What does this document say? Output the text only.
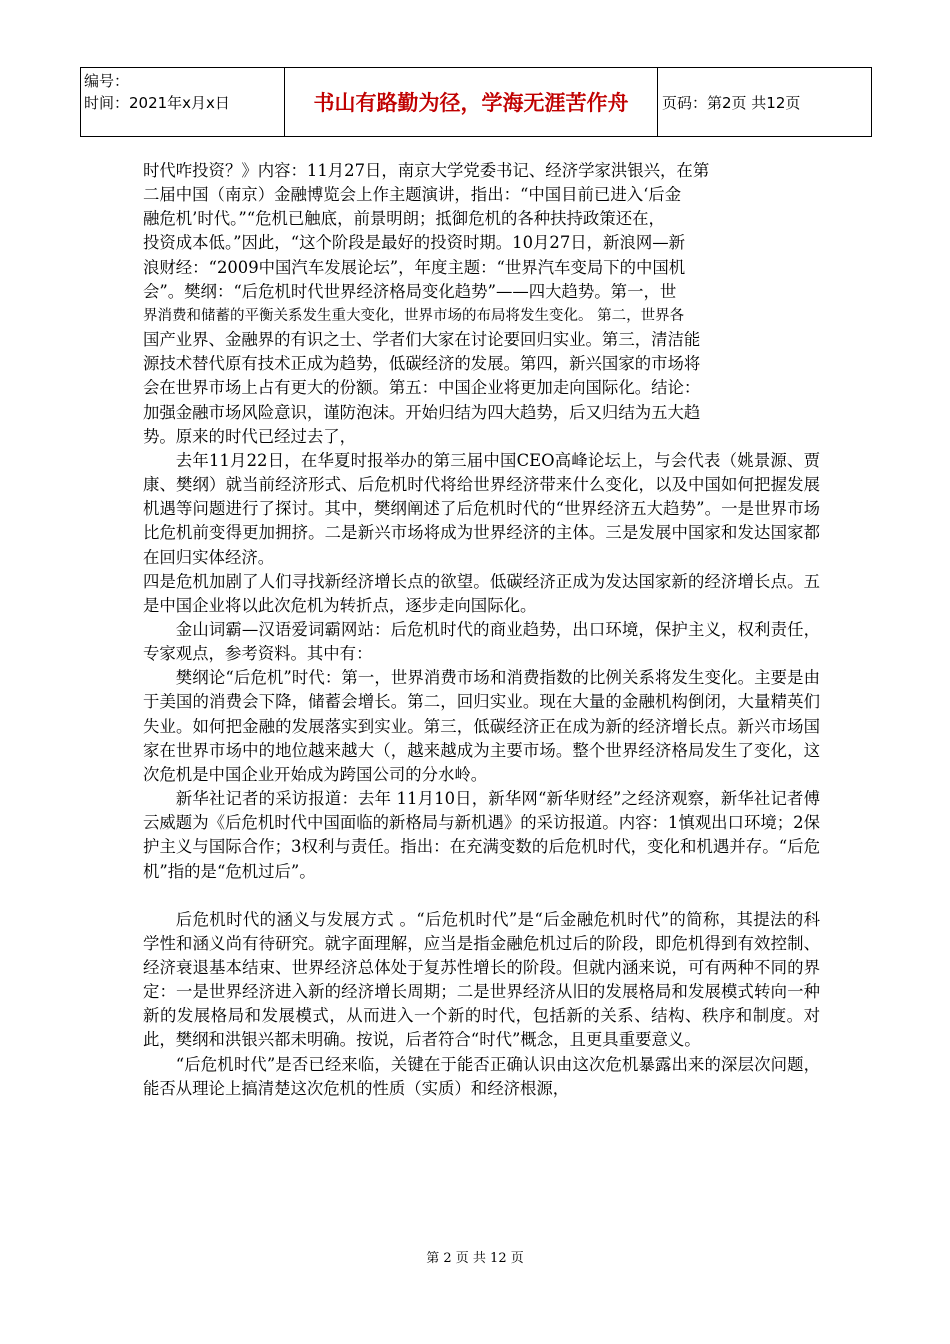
编号：
时间：2021年x月x日	书山有路勤为径，学海无涯苦作舟	页码：第2页 共12页

时代咋投资？》内容：11月27日，南京大学党委书记、经济学家洪银兴，在第

二届中国（南京）金融博览会上作主题演讲，指出：“中国目前已进入‘后金

融危机’时代。”“危机已触底，前景明朗；抵御危机的各种扶持政策还在，

投资成本低。”因此，“这个阶段是最好的投资时期。10月27日，新浪网—新

浪财经：“2009中国汽车发展论坛”，年度主题：“世界汽车变局下的中国机

会”。樊纲：“后危机时代世界经济格局变化趋势”——四大趋势。第一，世

界消费和储蓄的平衡关系发生重大变化，世界市场的布局将发生变化。 第二，世界各

国产业界、金融界的有识之士、学者们大家在讨论要回归实业。第三，清洁能

源技术替代原有技术正成为趋势，低碳经济的发展。第四，新兴国家的市场将

会在世界市场上占有更大的份额。第五：中国企业将更加走向国际化。结论：

加强金融市场风险意识，谨防泡沫。开始归结为四大趋势，后又归结为五大趋

势。原来的时代已经过去了，

去年11月22日，在华夏时报举办的第三届中国CEO高峰论坛上，与会代表（姚景源、贾康、樊纲）就当前经济形式、后危机时代将给世界经济带来什么变化，以及中国如何把握发展机遇等问题进行了探讨。其中，樊纲阐述了后危机时代的“世界经济五大趋势”。一是世界市场比危机前变得更加拥挤。二是新兴市场将成为世界经济的主体。三是发展中国家和发达国家都在回归实体经济。

四是危机加剧了人们寻找新经济增长点的欲望。低碳经济正成为发达国家新的经济增长点。五是中国企业将以此次危机为转折点，逐步走向国际化。

金山词霸—汉语爱词霸网站：后危机时代的商业趋势，出口环境，保护主义，权利责任，专家观点，参考资料。其中有：

樊纲论“后危机”时代：第一，世界消费市场和消费指数的比例关系将发生变化。主要是由于美国的消费会下降，储蓄会增长。第二，回归实业。现在大量的金融机构倒闭，大量精英们失业。如何把金融的发展落实到实业。第三，低碳经济正在成为新的经济增长点。新兴市场国家在世界市场中的地位越来越大（，越来越成为主要市场。整个世界经济格局发生了变化，这次危机是中国企业开始成为跨国公司的分水岭。

新华社记者的采访报道：去年 11月10日，新华网“新华财经”之经济观察，新华社记者傅云威题为《后危机时代中国面临的新格局与新机遇》的采访报道。内容：1慎观出口环境；2保护主义与国际合作；3权利与责任。指出：在充满变数的后危机时代，变化和机遇并存。“后危机”指的是“危机过后”。

后危机时代的涵义与发展方式 。“后危机时代”是“后金融危机时代”的简称，其提法的科学性和涵义尚有待研究。就字面理解，应当是指金融危机过后的阶段，即危机得到有效控制、经济衰退基本结束、世界经济总体处于复苏性增长的阶段。但就内涵来说，可有两种不同的界定：一是世界经济进入新的经济增长周期；二是世界经济从旧的发展格局和发展模式转向一种新的发展格局和发展模式，从而进入一个新的时代，包括新的关系、结构、秩序和制度。对此，樊纲和洪银兴都未明确。按说，后者符合“时代”概念，且更具重要意义。

“后危机时代”是否已经来临，关键在于能否正确认识由这次危机暴露出来的深层次问题，能否从理论上搞清楚这次危机的性质（实质）和经济根源，

第 2 页 共 12 页
